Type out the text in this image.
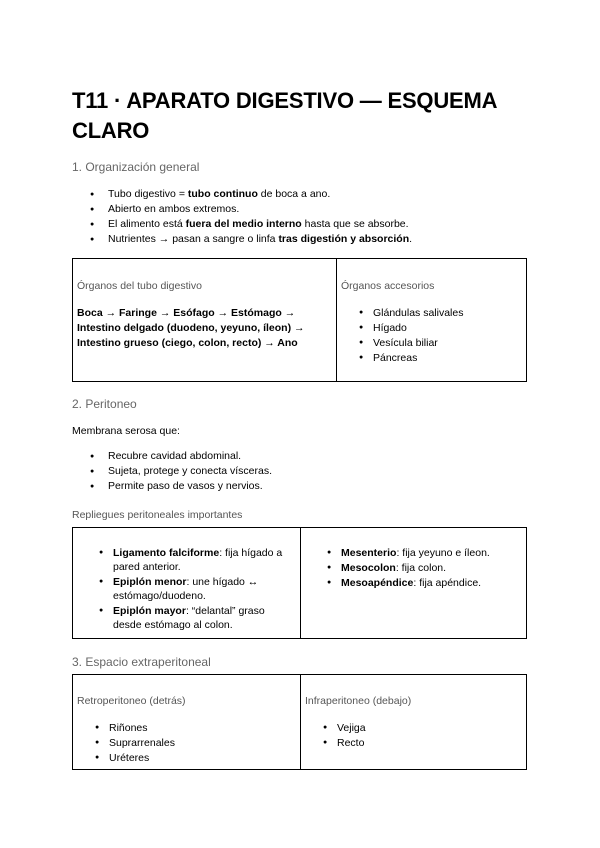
T11 · APARATO DIGESTIVO — ESQUEMA CLARO
1. Organización general
● Tubo digestivo = tubo continuo de boca a ano.
● Abierto en ambos extremos.
● El alimento está fuera del medio interno hasta que se absorbe.
● Nutrientes → pasan a sangre o linfa tras digestión y absorción.
Órganos del tubo digestivo
Boca → Faringe → Esófago → Estómago → Intestino delgado (duodeno, yeyuno, íleon) → Intestino grueso (ciego, colon, recto) → Ano
Órganos accesorios
● Glándulas salivales
● Hígado
● Vesícula biliar
● Páncreas
2. Peritoneo
Membrana serosa que:
● Recubre cavidad abdominal.
● Sujeta, protege y conecta vísceras.
● Permite paso de vasos y nervios.
Repliegues peritoneales importantes
● Ligamento falciforme: fija hígado a pared anterior.
● Epiplón menor: une hígado ↔ estómago/duodeno.
● Epiplón mayor: “delantal” graso desde estómago al colon.
● Mesenterio: fija yeyuno e íleon.
● Mesocolon: fija colon.
● Mesoapéndice: fija apéndice.
3. Espacio extraperitoneal
Retroperitoneo (detrás)
● Riñones
● Suprarrenales
● Uréteres
Infraperitoneo (debajo)
● Vejiga
● Recto
